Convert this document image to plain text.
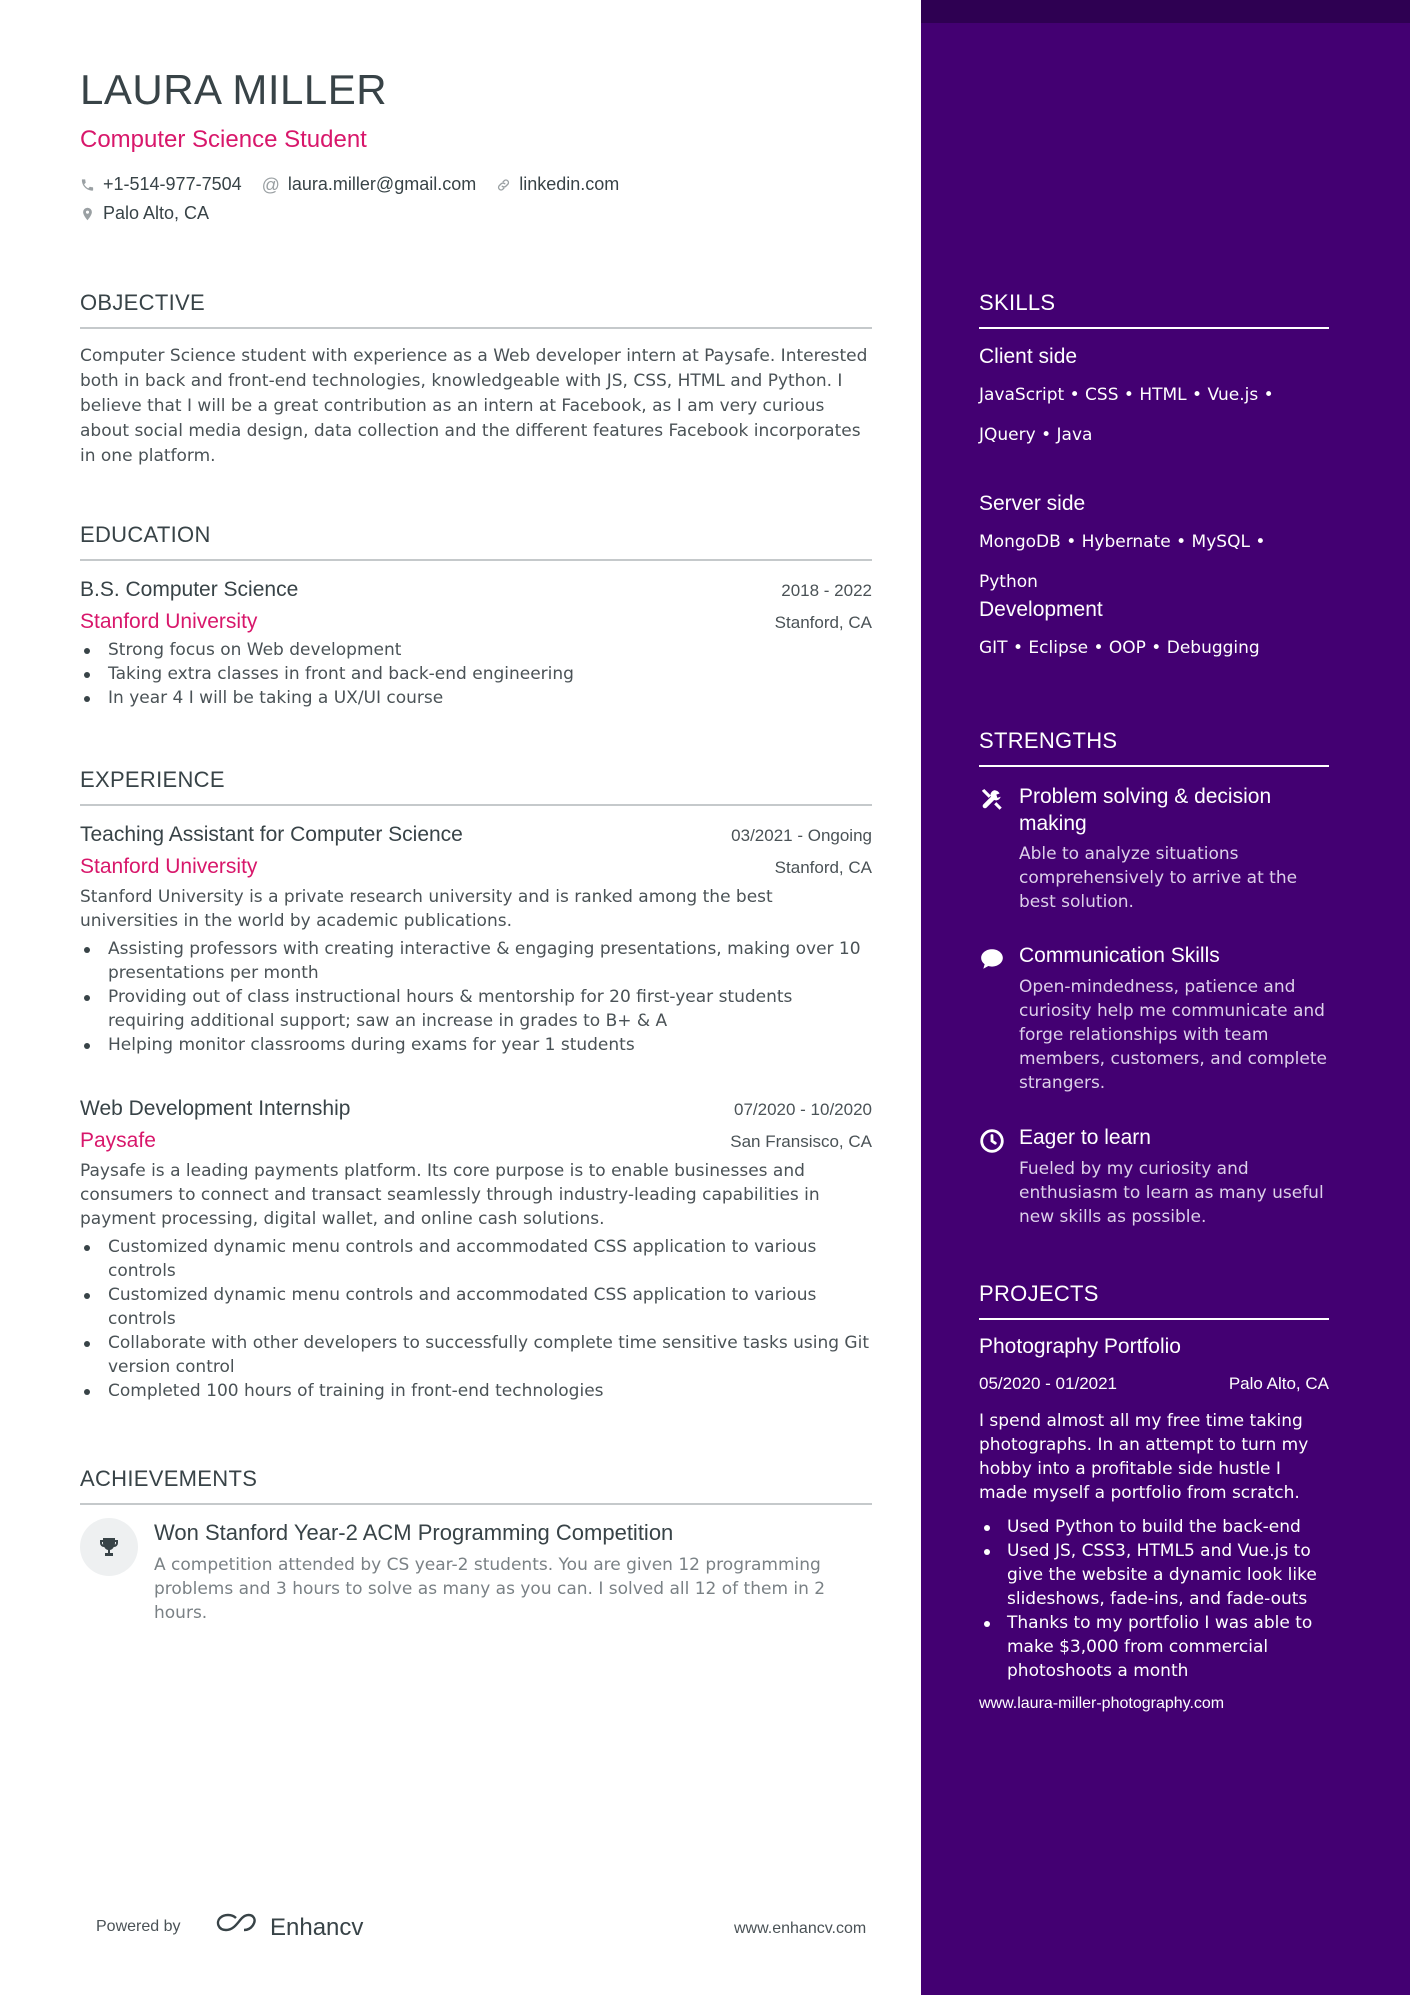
LAURA MILLER
Computer Science Student
+1-514-977-7504 @ laura.miller@gmail.com linkedin.com
Palo Alto, CA
OBJECTIVE
Computer Science student with experience as a Web developer intern at Paysafe. Interested both in back and front-end technologies, knowledgeable with JS, CSS, HTML and Python. I believe that I will be a great contribution as an intern at Facebook, as I am very curious about social media design, data collection and the different features Facebook incorporates in one platform.
EDUCATION
B.S. Computer Science	2018 - 2022
Stanford University	Stanford, CA
Strong focus on Web development
Taking extra classes in front and back-end engineering
In year 4 I will be taking a UX/UI course
EXPERIENCE
Teaching Assistant for Computer Science	03/2021 - Ongoing
Stanford University	Stanford, CA
Stanford University is a private research university and is ranked among the best universities in the world by academic publications.
Assisting professors with creating interactive & engaging presentations, making over 10 presentations per month
Providing out of class instructional hours & mentorship for 20 first-year students requiring additional support; saw an increase in grades to B+ & A
Helping monitor classrooms during exams for year 1 students
Web Development Internship	07/2020 - 10/2020
Paysafe	San Fransisco, CA
Paysafe is a leading payments platform. Its core purpose is to enable businesses and consumers to connect and transact seamlessly through industry-leading capabilities in payment processing, digital wallet, and online cash solutions.
Customized dynamic menu controls and accommodated CSS application to various controls
Customized dynamic menu controls and accommodated CSS application to various controls
Collaborate with other developers to successfully complete time sensitive tasks using Git version control
Completed 100 hours of training in front-end technologies
ACHIEVEMENTS
Won Stanford Year-2 ACM Programming Competition
A competition attended by CS year-2 students. You are given 12 programming problems and 3 hours to solve as many as you can. I solved all 12 of them in 2 hours.
Powered by	Enhancv	www.enhancv.com
SKILLS
Client side
JavaScript • CSS • HTML • Vue.js • JQuery • Java
Server side
MongoDB • Hybernate • MySQL • Python
Development
GIT • Eclipse • OOP • Debugging
STRENGTHS
Problem solving & decision making
Able to analyze situations comprehensively to arrive at the best solution.
Communication Skills
Open-mindedness, patience and curiosity help me communicate and forge relationships with team members, customers, and complete strangers.
Eager to learn
Fueled by my curiosity and enthusiasm to learn as many useful new skills as possible.
PROJECTS
Photography Portfolio
05/2020 - 01/2021	Palo Alto, CA
I spend almost all my free time taking photographs. In an attempt to turn my hobby into a profitable side hustle I made myself a portfolio from scratch.
Used Python to build the back-end
Used JS, CSS3, HTML5 and Vue.js to give the website a dynamic look like slideshows, fade-ins, and fade-outs
Thanks to my portfolio I was able to make $3,000 from commercial photoshoots a month
www.laura-miller-photography.com
